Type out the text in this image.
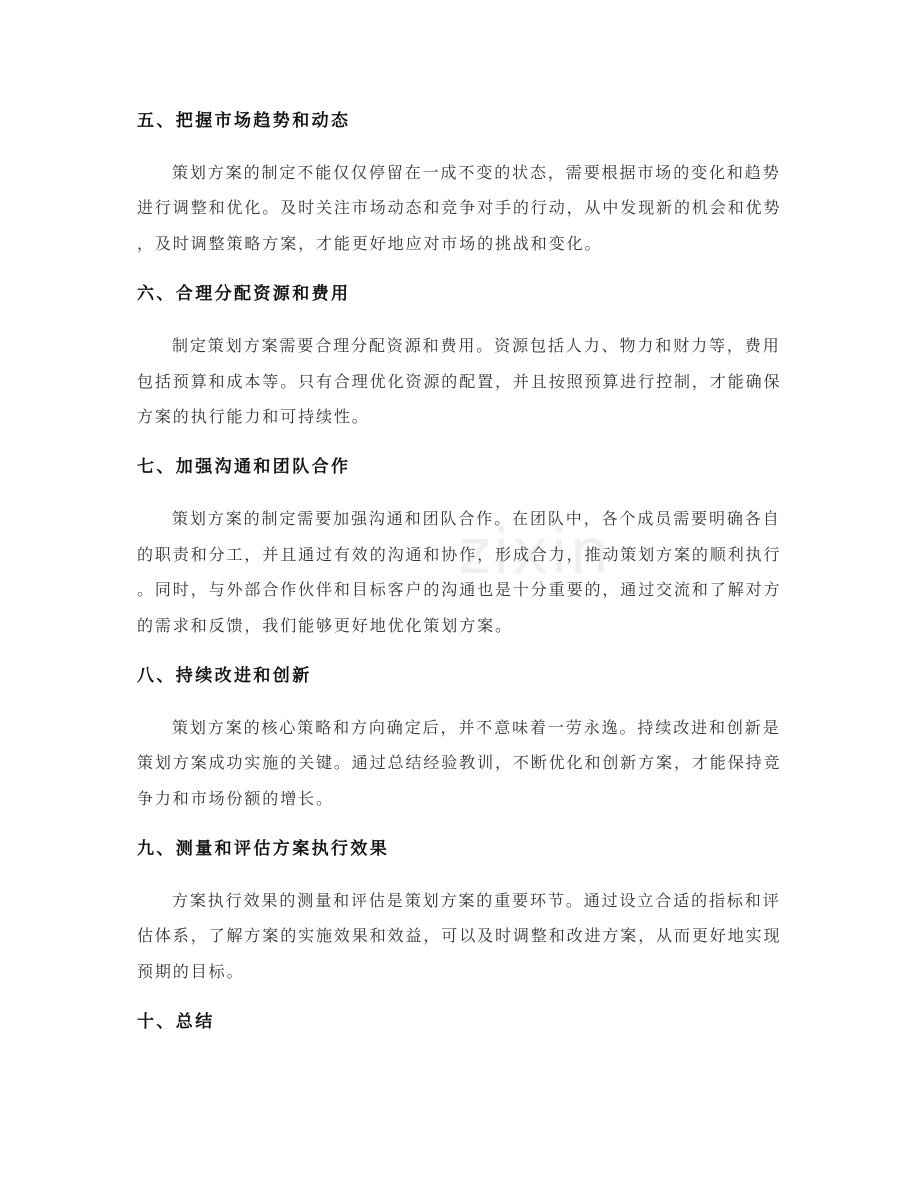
五、把握市场趋势和动态
策划方案的制定不能仅仅停留在一成不变的状态，需要根据市场的变化和趋势
进行调整和优化。及时关注市场动态和竞争对手的行动，从中发现新的机会和优势
，及时调整策略方案，才能更好地应对市场的挑战和变化。
六、合理分配资源和费用
制定策划方案需要合理分配资源和费用。资源包括人力、物力和财力等，费用
包括预算和成本等。只有合理优化资源的配置，并且按照预算进行控制，才能确保
方案的执行能力和可持续性。
七、加强沟通和团队合作
策划方案的制定需要加强沟通和团队合作。在团队中，各个成员需要明确各自
的职责和分工，并且通过有效的沟通和协作，形成合力，推动策划方案的顺利执行
。同时，与外部合作伙伴和目标客户的沟通也是十分重要的，通过交流和了解对方
的需求和反馈，我们能够更好地优化策划方案。
八、持续改进和创新
策划方案的核心策略和方向确定后，并不意味着一劳永逸。持续改进和创新是
策划方案成功实施的关键。通过总结经验教训，不断优化和创新方案，才能保持竞
争力和市场份额的增长。
九、测量和评估方案执行效果
方案执行效果的测量和评估是策划方案的重要环节。通过设立合适的指标和评
估体系，了解方案的实施效果和效益，可以及时调整和改进方案，从而更好地实现
预期的目标。
十、总结
zixin
